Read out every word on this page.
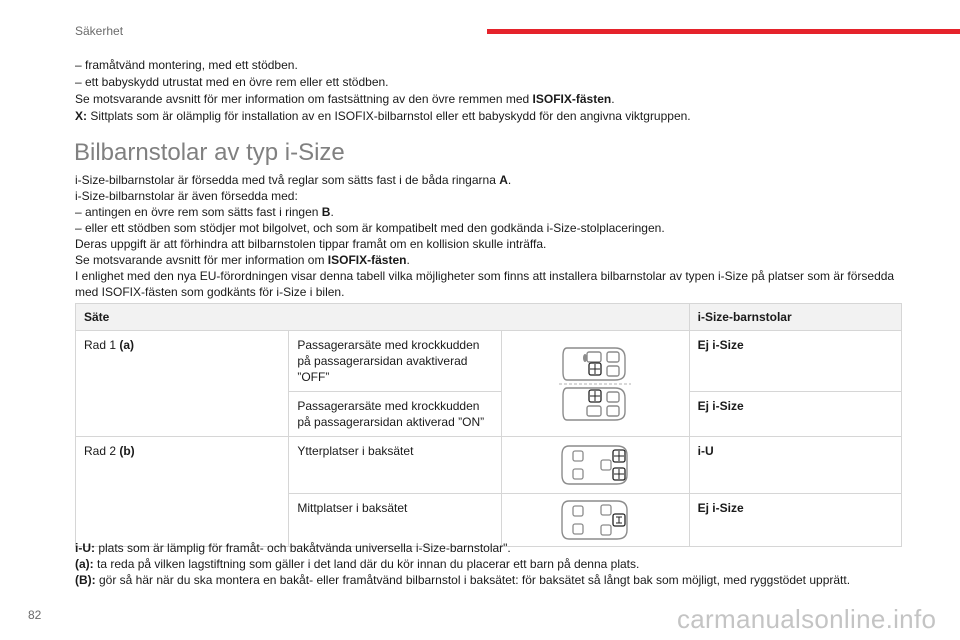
Säkerhet
– framåtvänd montering, med ett stödben.
– ett babyskydd utrustat med en övre rem eller ett stödben.
Se motsvarande avsnitt för mer information om fastsättning av den övre remmen med ISOFIX-fästen.
X: Sittplats som är olämplig för installation av en ISOFIX-bilbarnstol eller ett babyskydd för den angivna viktgruppen.
Bilbarnstolar av typ i-Size
i-Size-bilbarnstolar är försedda med två reglar som sätts fast i de båda ringarna A.
i-Size-bilbarnstolar är även försedda med:
– antingen en övre rem som sätts fast i ringen B.
– eller ett stödben som stödjer mot bilgolvet, och som är kompatibelt med den godkända i-Size-stolplaceringen.
Deras uppgift är att förhindra att bilbarnstolen tippar framåt om en kollision skulle inträffa.
Se motsvarande avsnitt för mer information om ISOFIX-fästen.
I enlighet med den nya EU-förordningen visar denna tabell vilka möjligheter som finns att installera bilbarnstolar av typen i-Size på platser som är försedda
med ISOFIX-fästen som godkänts för i-Size i bilen.
Säte			i-Size-barnstolar
Rad 1 (a)	Passagerarsäte med krockkudden på passagerarsidan avaktiverad ”OFF”		Ej i-Size
	Passagerarsäte med krockkudden på passagerarsidan aktiverad ”ON”		Ej i-Size
Rad 2 (b)	Ytterplatser i baksätet		i-U
	Mittplatser i baksätet		Ej i-Size
i-U: plats som är lämplig för framåt- och bakåtvända universella i-Size-barnstolar".
(a): ta reda på vilken lagstiftning som gäller i det land där du kör innan du placerar ett barn på denna plats.
(B): gör så här när du ska montera en bakåt- eller framåtvänd bilbarnstol i baksätet: för baksätet så långt bak som möjligt, med ryggstödet upprätt.
82	carmanualsonline.info
